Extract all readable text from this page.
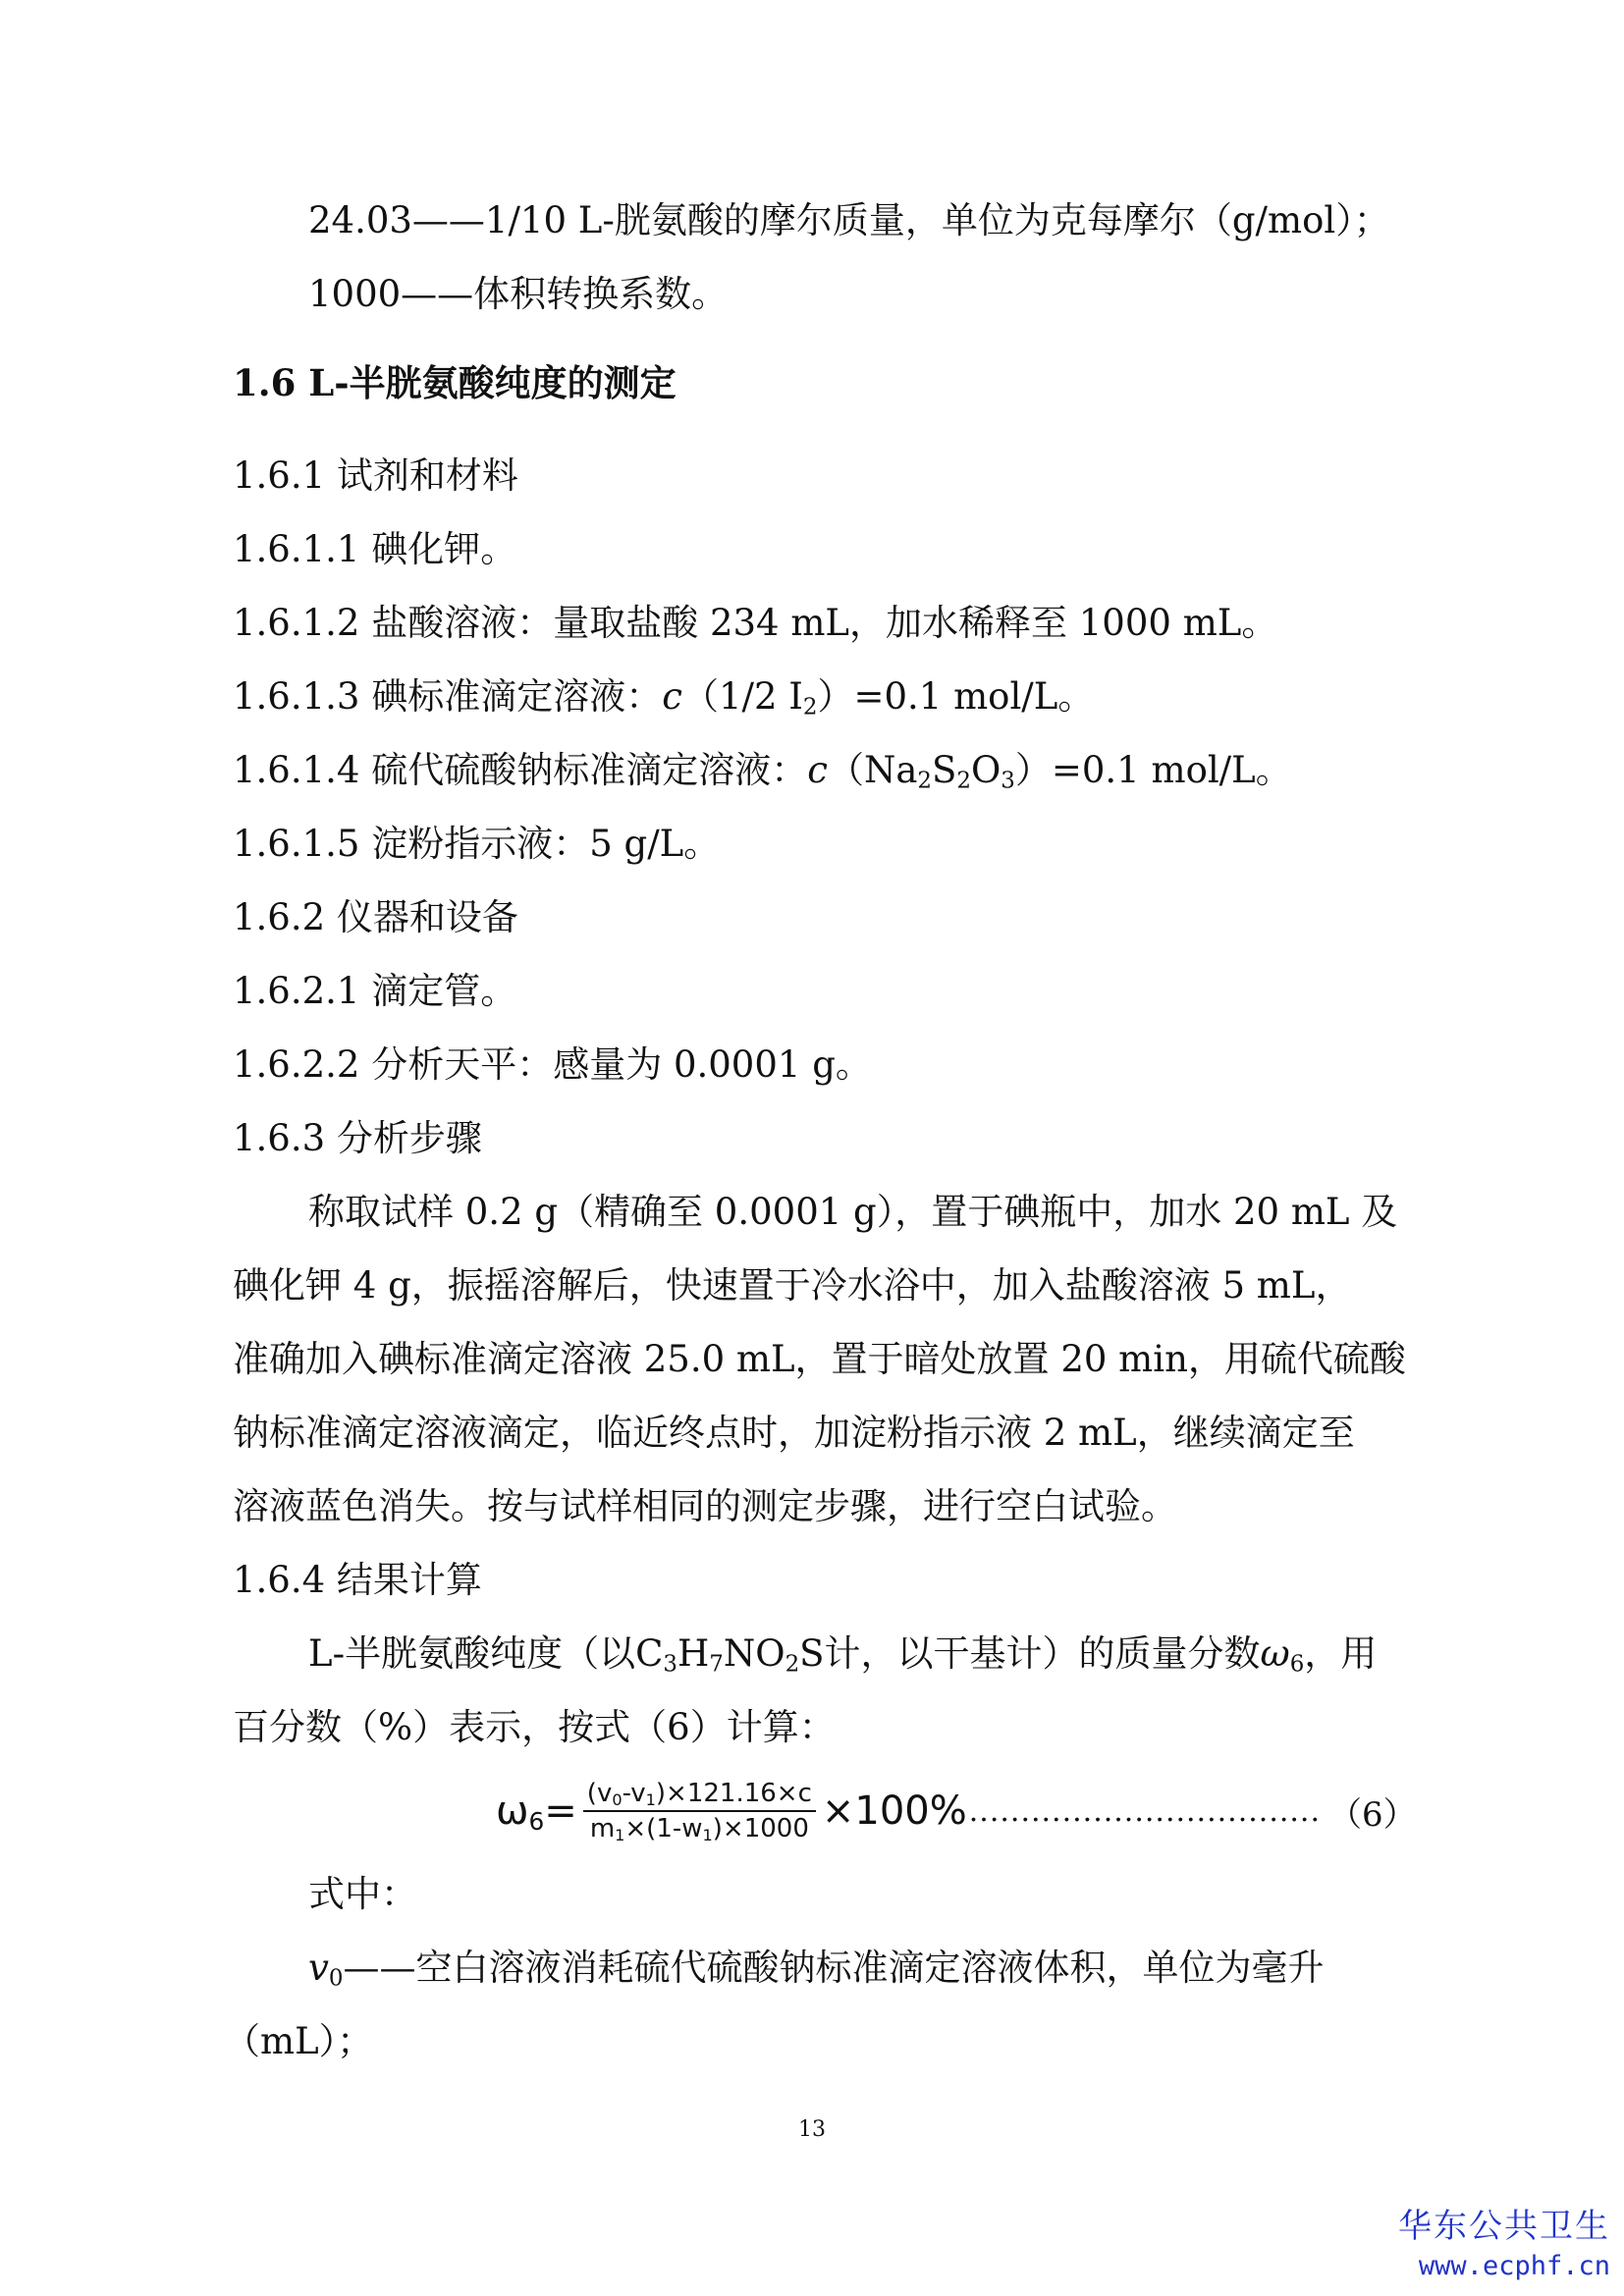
24.03——1/10 L-胱氨酸的摩尔质量，单位为克每摩尔（g/mol）；
1000——体积转换系数。
1.6 L-半胱氨酸纯度的测定
1.6.1 试剂和材料
1.6.1.1 碘化钾。
1.6.1.2 盐酸溶液：量取盐酸 234 mL，加水稀释至 1000 mL。
1.6.1.3 碘标准滴定溶液：c（1/2 $I_2)=0.1$ mol/L。
1.6.1.4 硫代硫酸钠标准滴定溶液：$c(Na_2S_2O_3)=0.1$ mol/L。
1.6.1.5 淀粉指示液：5 g/L。
1.6.2 仪器和设备
1.6.2.1 滴定管。
1.6.2.2 分析天平：感量为 0.0001 g。
1.6.3 分析步骤
称取试样 0.2 g（精确至 0.0001 g），置于碘瓶中，加水 20 mL 及
碘化钾 4 g，振摇溶解后，快速置于冷水浴中，加入盐酸溶液 5 mL，
准确加入碘标准滴定溶液 25.0 mL，置于暗处放置 20 min，用硫代硫酸
钠标准滴定溶液滴定，临近终点时，加淀粉指示液 2 mL，继续滴定至
溶液蓝色消失。按与试样相同的测定步骤，进行空白试验。
1.6.4 结果计算
L-半胱氨酸纯度（以$C_3H_7NO_2S$计，以干基计）的质量分数$\omega_6$，用
百分数（%）表示，按式（6）计算：
$\omega_6= \frac{(v_0-v_1)\times 121.16\times c}{m_1\times(1-w_1)\times 1000} \times 100\%$ .................................. （6）
式中：
$v_0——$空白溶液消耗硫代硫酸钠标准滴定溶液体积，单位为毫升
（mL）；
13
华东公共卫生
www.ecphf.cn
